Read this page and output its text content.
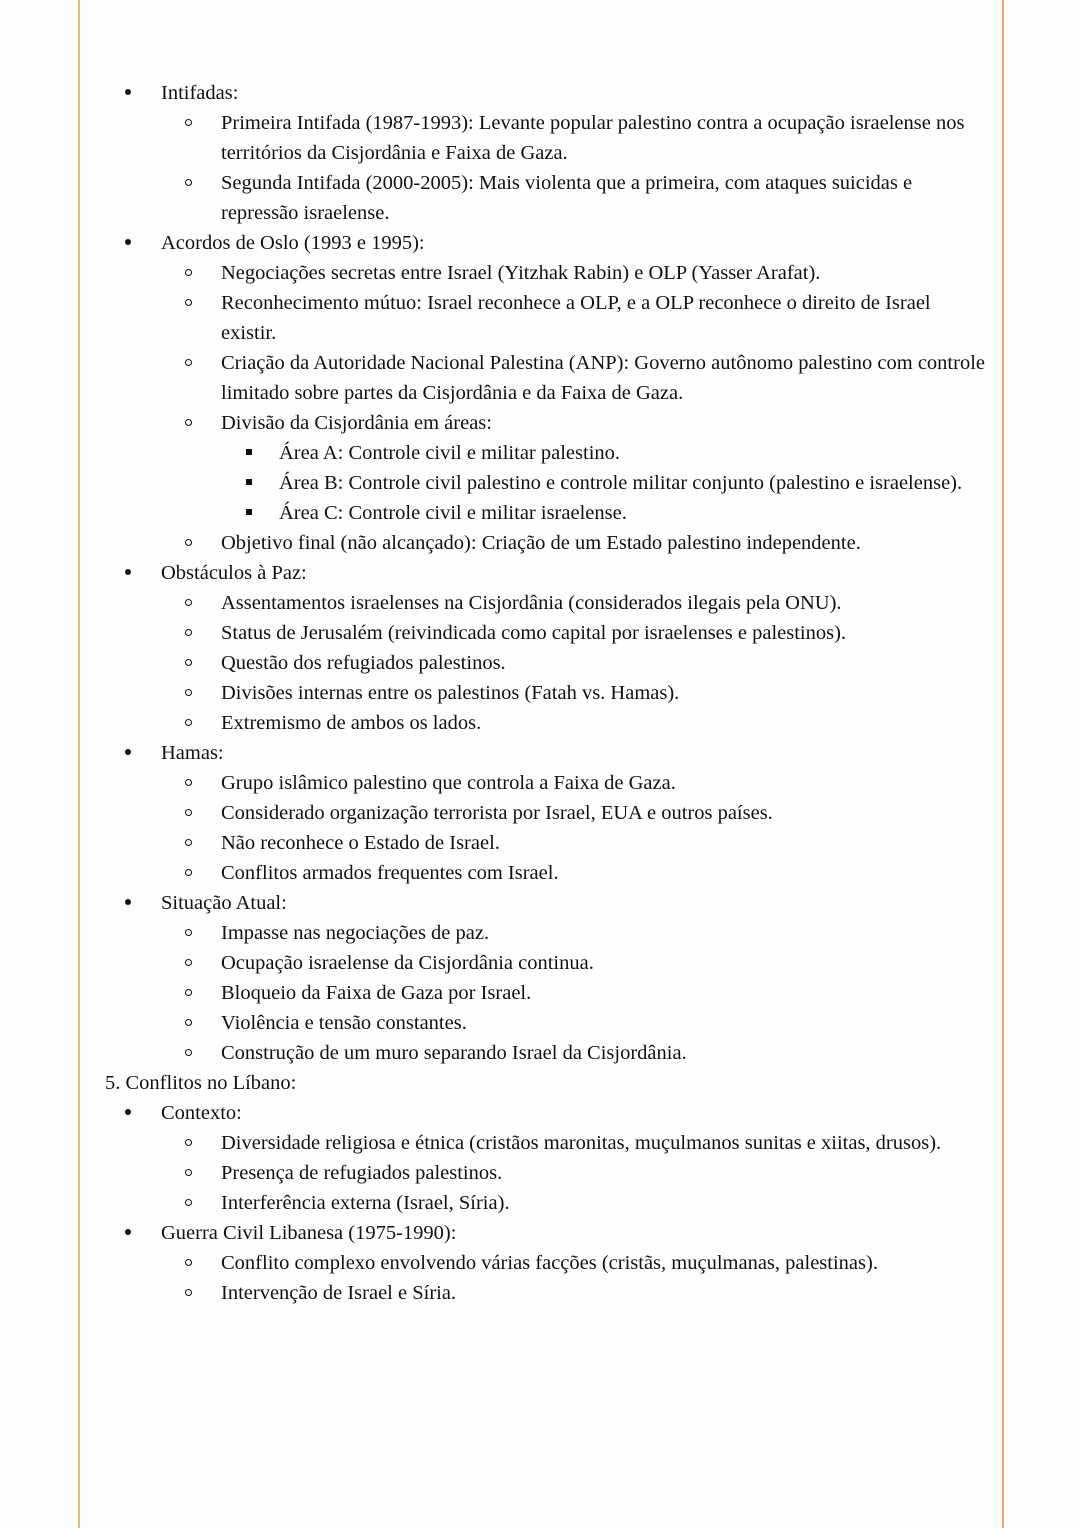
Intifadas:
Primeira Intifada (1987-1993): Levante popular palestino contra a ocupação israelense nos territórios da Cisjordânia e Faixa de Gaza.
Segunda Intifada (2000-2005): Mais violenta que a primeira, com ataques suicidas e repressão israelense.
Acordos de Oslo (1993 e 1995):
Negociações secretas entre Israel (Yitzhak Rabin) e OLP (Yasser Arafat).
Reconhecimento mútuo: Israel reconhece a OLP, e a OLP reconhece o direito de Israel existir.
Criação da Autoridade Nacional Palestina (ANP): Governo autônomo palestino com controle limitado sobre partes da Cisjordânia e da Faixa de Gaza.
Divisão da Cisjordânia em áreas:
Área A: Controle civil e militar palestino.
Área B: Controle civil palestino e controle militar conjunto (palestino e israelense).
Área C: Controle civil e militar israelense.
Objetivo final (não alcançado): Criação de um Estado palestino independente.
Obstáculos à Paz:
Assentamentos israelenses na Cisjordânia (considerados ilegais pela ONU).
Status de Jerusalém (reivindicada como capital por israelenses e palestinos).
Questão dos refugiados palestinos.
Divisões internas entre os palestinos (Fatah vs. Hamas).
Extremismo de ambos os lados.
Hamas:
Grupo islâmico palestino que controla a Faixa de Gaza.
Considerado organização terrorista por Israel, EUA e outros países.
Não reconhece o Estado de Israel.
Conflitos armados frequentes com Israel.
Situação Atual:
Impasse nas negociações de paz.
Ocupação israelense da Cisjordânia continua.
Bloqueio da Faixa de Gaza por Israel.
Violência e tensão constantes.
Construção de um muro separando Israel da Cisjordânia.
5. Conflitos no Líbano:
Contexto:
Diversidade religiosa e étnica (cristãos maronitas, muçulmanos sunitas e xiitas, drusos).
Presença de refugiados palestinos.
Interferência externa (Israel, Síria).
Guerra Civil Libanesa (1975-1990):
Conflito complexo envolvendo várias facções (cristãs, muçulmanas, palestinas).
Intervenção de Israel e Síria.
